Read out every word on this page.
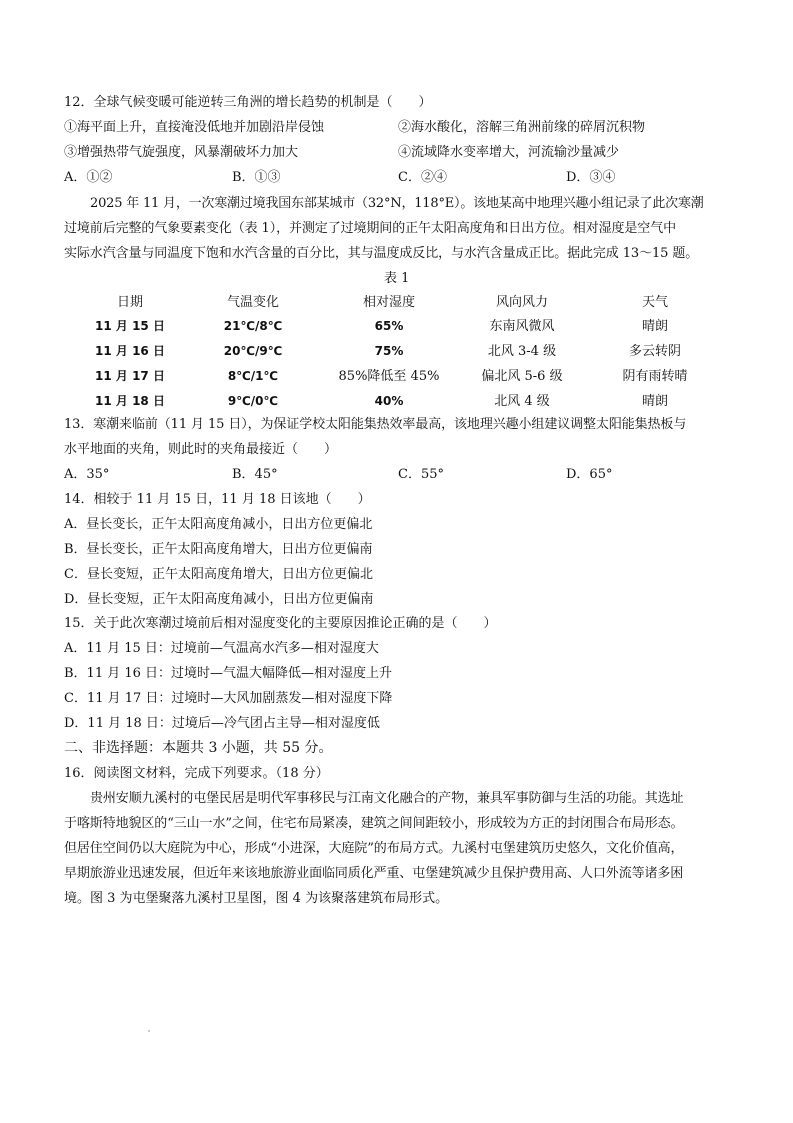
12．全球气候变暖可能逆转三角洲的增长趋势的机制是（　　）
①海平面上升，直接淹没低地并加剧沿岸侵蚀	②海水酸化，溶解三角洲前缘的碎屑沉积物
③增强热带气旋强度，风暴潮破坏力加大	④流域降水变率增大，河流输沙量减少
A．①②	B．①③	C．②④	D．③④
2025 年 11 月，一次寒潮过境我国东部某城市（32°N，118°E）。该地某高中地理兴趣小组记录了此次寒潮
过境前后完整的气象要素变化（表 1），并测定了过境期间的正午太阳高度角和日出方位。相对湿度是空气中
实际水汽含量与同温度下饱和水汽含量的百分比，其与温度成反比，与水汽含量成正比。据此完成 13～15 题。
表 1
日期	气温变化	相对湿度	风向风力	天气
11 月 15 日	21℃/8℃	65%	东南风微风	晴朗
11 月 16 日	20℃/9℃	75%	北风 3-4 级	多云转阴
11 月 17 日	8℃/1℃	85%降低至 45%	偏北风 5-6 级	阴有雨转晴
11 月 18 日	9℃/0℃	40%	北风 4 级	晴朗
13．寒潮来临前（11 月 15 日），为保证学校太阳能集热效率最高，该地理兴趣小组建议调整太阳能集热板与
水平地面的夹角，则此时的夹角最接近（　　）
A．35°	B．45°	C．55°	D．65°
14．相较于 11 月 15 日，11 月 18 日该地（　　）
A．昼长变长，正午太阳高度角减小，日出方位更偏北
B．昼长变长，正午太阳高度角增大，日出方位更偏南
C．昼长变短，正午太阳高度角增大，日出方位更偏北
D．昼长变短，正午太阳高度角减小，日出方位更偏南
15．关于此次寒潮过境前后相对湿度变化的主要原因推论正确的是（　　）
A．11 月 15 日：过境前—气温高水汽多—相对湿度大
B．11 月 16 日：过境时—气温大幅降低—相对湿度上升
C．11 月 17 日：过境时—大风加剧蒸发—相对湿度下降
D．11 月 18 日：过境后—冷气团占主导—相对湿度低
二、非选择题：本题共 3 小题，共 55 分。
16．阅读图文材料，完成下列要求。（18 分）
贵州安顺九溪村的屯堡民居是明代军事移民与江南文化融合的产物，兼具军事防御与生活的功能。其选址
于喀斯特地貌区的“三山一水”之间，住宅布局紧凑，建筑之间间距较小，形成较为方正的封闭围合布局形态。
但居住空间仍以大庭院为中心，形成“小进深，大庭院”的布局方式。九溪村屯堡建筑历史悠久，文化价值高，
早期旅游业迅速发展，但近年来该地旅游业面临同质化严重、屯堡建筑减少且保护费用高、人口外流等诸多困
境。图 3 为屯堡聚落九溪村卫星图，图 4 为该聚落建筑布局形式。
